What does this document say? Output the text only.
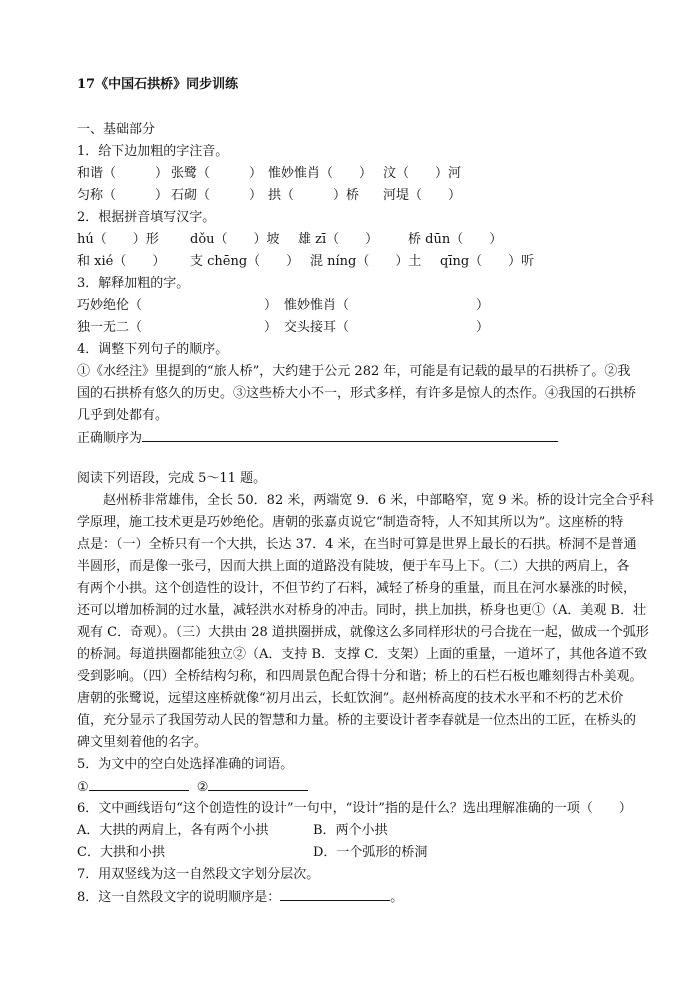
17《中国石拱桥》同步训练
一、基础部分
1．给下边加粗的字注音。
和谐（　　　） 张鹭（　　　） 惟妙惟肖（　　） 汶（　　）河
匀称（　　　） 石砌（　　　） 拱（　　　）桥 河堤（　　）
2．根据拼音填写汉字。
hú（　　）形 dǒu（　　）坡 雄 zī（　　） 桥 dūn（　　）
和 xié（　　） 支 chēng（　　） 混 níng（　　）土 qīng（　　）听
3．解释加粗的字。
巧妙绝伦（	） 惟妙惟肖（	）
独一无二（	） 交头接耳（	）
4．调整下列句子的顺序。
①《水经注》里提到的“旅人桥”，大约建于公元 282 年，可能是有记载的最早的石拱桥了。②我
国的石拱桥有悠久的历史。③这些桥大小不一，形式多样，有许多是惊人的杰作。④我国的石拱桥
几乎到处都有。
正确顺序为
阅读下列语段，完成 5～11 题。
　　赵州桥非常雄伟，全长 50．82 米，两端宽 9．6 米，中部略窄，宽 9 米。桥的设计完全合乎科
学原理，施工技术更是巧妙绝伦。唐朝的张嘉贞说它“制造奇特，人不知其所以为”。这座桥的特
点是：（一）全桥只有一个大拱，长达 37．4 米，在当时可算是世界上最长的石拱。桥洞不是普通
半圆形，而是像一张弓，因而大拱上面的道路没有陡坡，便于车马上下。（二）大拱的两肩上，各
有两个小拱。这个创造性的设计，不但节约了石料，减轻了桥身的重量，而且在河水暴涨的时候，
还可以增加桥洞的过水量，减轻洪水对桥身的冲击。同时，拱上加拱，桥身也更①（A．美观 B．壮
观有 C．奇观）。（三）大拱由 28 道拱圈拼成，就像这么多同样形状的弓合拢在一起，做成一个弧形
的桥洞。每道拱圈都能独立②（A．支持 B．支撑 C．支架）上面的重量，一道坏了，其他各道不致
受到影响。（四）全桥结构匀称，和四周景色配合得十分和谐；桥上的石栏石板也雕刻得古朴美观。
唐朝的张鹭说，远望这座桥就像“初月出云，长虹饮涧”。赵州桥高度的技术水平和不朽的艺术价
值，充分显示了我国劳动人民的智慧和力量。桥的主要设计者李春就是一位杰出的工匠，在桥头的
碑文里刻着他的名字。
5．为文中的空白处选择准确的词语。
①	②
6．文中画线语句“这个创造性的设计”一句中，“设计”指的是什么？选出理解准确的一项（　　）
A．大拱的两肩上，各有两个小拱	B．两个小拱
C．大拱和小拱	D．一个弧形的桥洞
7．用双竖线为这一自然段文字划分层次。
8．这一自然段文字的说明顺序是：	。
